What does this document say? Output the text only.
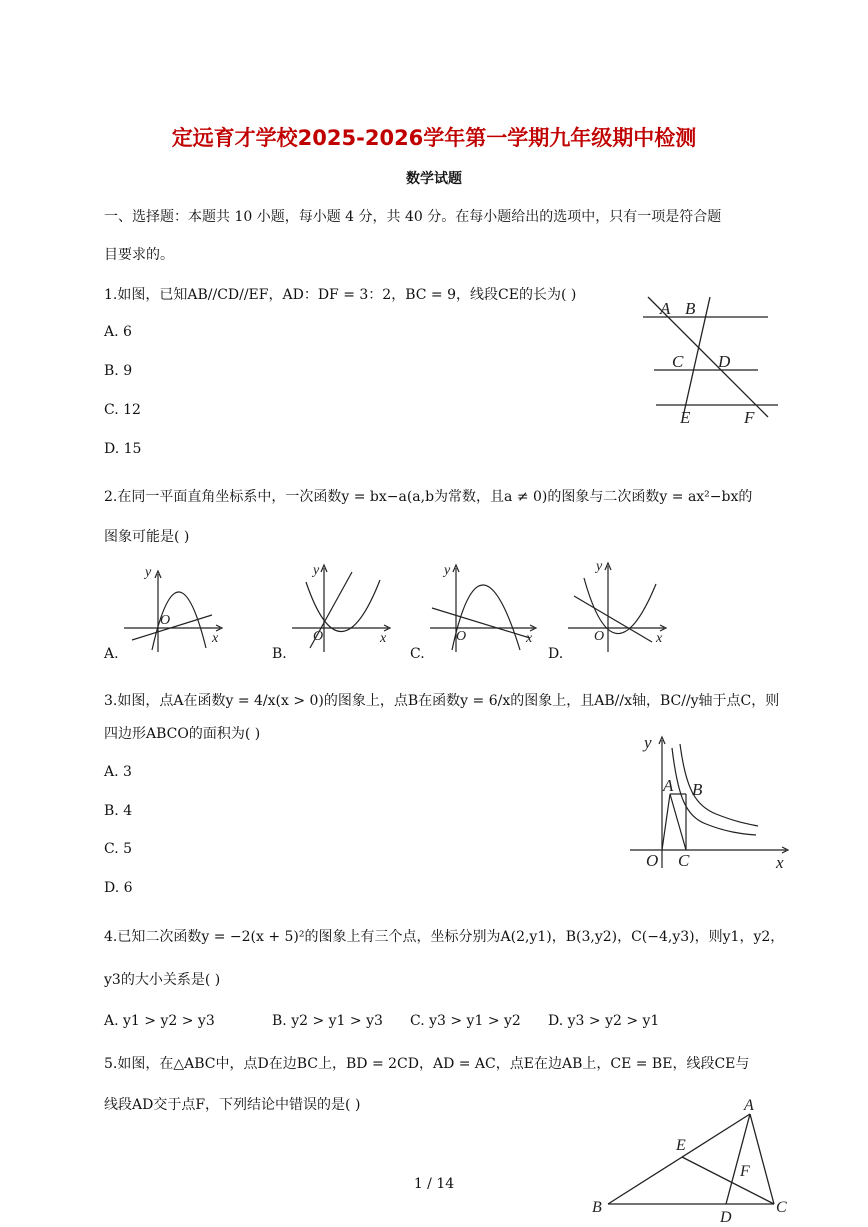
定远育才学校2025-2026学年第一学期九年级期中检测
数学试题
一、选择题：本题共 10 小题，每小题 4 分，共 40 分。在每小题给出的选项中，只有一项是符合题
目要求的。
1.如图，已知AB//CD//EF，AD：DF = 3：2，BC = 9，线段CE的长为( )
A. 6
B. 9
C. 12
D. 15
A B
C D
E	F
2.在同一平面直角坐标系中，一次函数y = bx−a(a,b为常数，且a ≠ 0)的图象与二次函数y = ax²−bx的
图象可能是( )
y
x
O
A.
y
x
O
B.
y
x
O
C.
y
x
O
D.
3.如图，点A在函数y = 4/x(x > 0)的图象上，点B在函数y = 6/x的图象上，且AB//x轴，BC//y轴于点C，则
四边形ABCO的面积为( )
A. 3
B. 4
C. 5
D. 6
y
A B
O C	x
4.已知二次函数y = −2(x + 5)²的图象上有三个点，坐标分别为A(2,y1)，B(3,y2)，C(−4,y3)，则y1，y2，
y3的大小关系是( )
A. y1 > y2 > y3	B. y2 > y1 > y3 C. y3 > y1 > y2 D. y3 > y2 > y1
5.如图，在△ABC中，点D在边BC上，BD = 2CD，AD = AC，点E在边AB上，CE = BE，线段CE与
线段AD交于点F，下列结论中错误的是( )	A
E
F
B
D
C
1 / 14
